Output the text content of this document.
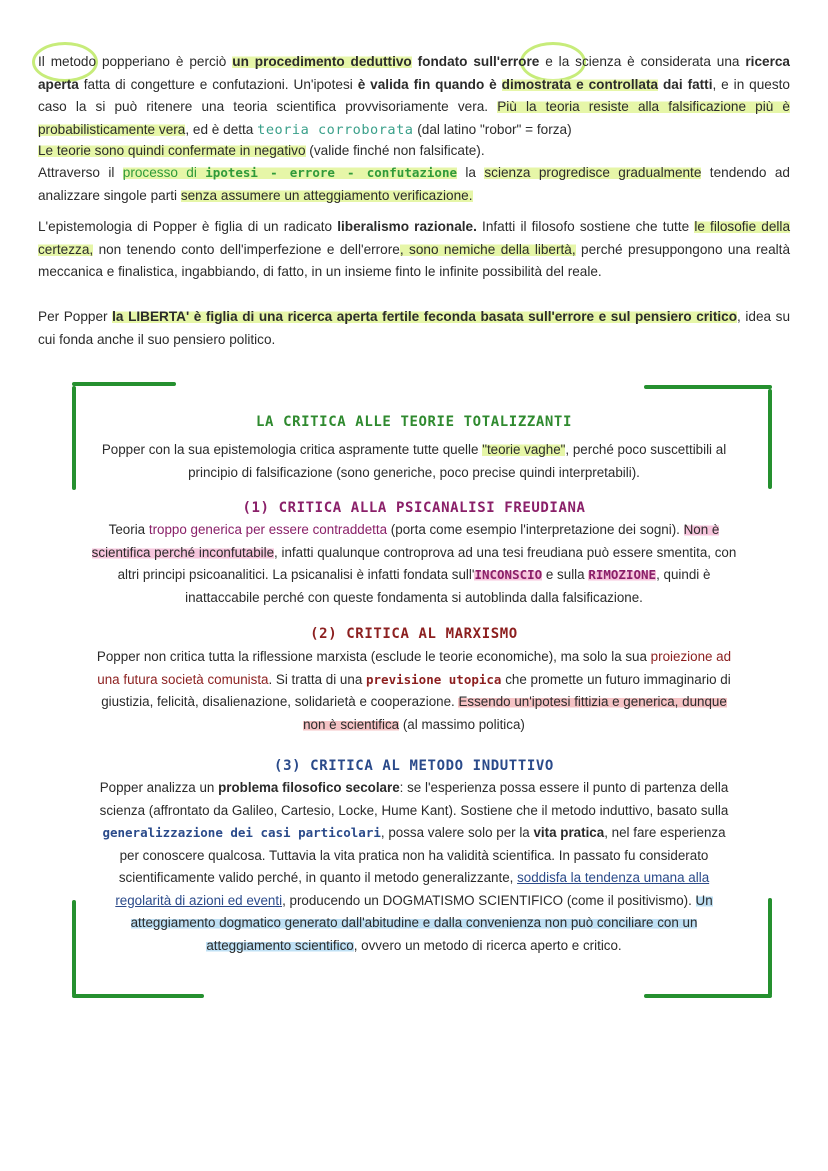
Il metodo popperiano è perciò un procedimento deduttivo fondato sull'errore e la scienza è considerata una ricerca aperta fatta di congetture e confutazioni. Un'ipotesi è valida fin quando è dimostrata e controllata dai fatti, e in questo caso la si può ritenere una teoria scientifica provvisoriamente vera. Più la teoria resiste alla falsificazione più è probabilisticamente vera, ed è detta teoria corroborata (dal latino "robor" = forza)
Le teorie sono quindi confermate in negativo (valide finché non falsificate).
Attraverso il processo di ipotesi - errore - confutazione la scienza progredisce gradualmente tendendo ad analizzare singole parti senza assumere un atteggiamento verificazione.
L'epistemologia di Popper è figlia di un radicato liberalismo razionale. Infatti il filosofo sostiene che tutte le filosofie della certezza, non tenendo conto dell'imperfezione e dell'errore, sono nemiche della libertà, perché presuppongono una realtà meccanica e finalistica, ingabbiando, di fatto, in un insieme finto le infinite possibilità del reale.
Per Popper la LIBERTA' è figlia di una ricerca aperta fertile feconda basata sull'errore e sul pensiero critico, idea su cui fonda anche il suo pensiero politico.
LA CRITICA ALLE TEORIE TOTALIZZANTI
Popper con la sua epistemologia critica aspramente tutte quelle "teorie vaghe", perché poco suscettibili al principio di falsificazione (sono generiche, poco precise quindi interpretabili).
(1) CRITICA ALLA PSICANALISI FREUDIANA
Teoria troppo generica per essere contraddetta (porta come esempio l'interpretazione dei sogni). Non è scientifica perché inconfutabile, infatti qualunque controprova ad una tesi freudiana può essere smentita, con altri principi psicoanalitici. La psicanalisi è infatti fondata sull'INCONSCIO e sulla RIMOZIONE, quindi è inattaccabile perché con queste fondamenta si autoblinda dalla falsificazione.
(2) CRITICA AL MARXISMO
Popper non critica tutta la riflessione marxista (esclude le teorie economiche), ma solo la sua proiezione ad una futura società comunista. Si tratta di una previsione utopica che promette un futuro immaginario di giustizia, felicità, disalienazione, solidarietà e cooperazione. Essendo un'ipotesi fittizia e generica, dunque non è scientifica (al massimo politica)
(3) CRITICA AL METODO INDUTTIVO
Popper analizza un problema filosofico secolare: se l'esperienza possa essere il punto di partenza della scienza (affrontato da Galileo, Cartesio, Locke, Hume Kant). Sostiene che il metodo induttivo, basato sulla generalizzazione dei casi particolari, possa valere solo per la vita pratica, nel fare esperienza per conoscere qualcosa. Tuttavia la vita pratica non ha validità scientifica. In passato fu considerato scientificamente valido perché, in quanto il metodo generalizzante, soddisfa la tendenza umana alla regolarità di azioni ed eventi, producendo un DOGMATISMO SCIENTIFICO (come il positivismo). Un atteggiamento dogmatico generato dall'abitudine e dalla convenienza non può conciliare con un atteggiamento scientifico, ovvero un metodo di ricerca aperto e critico.
